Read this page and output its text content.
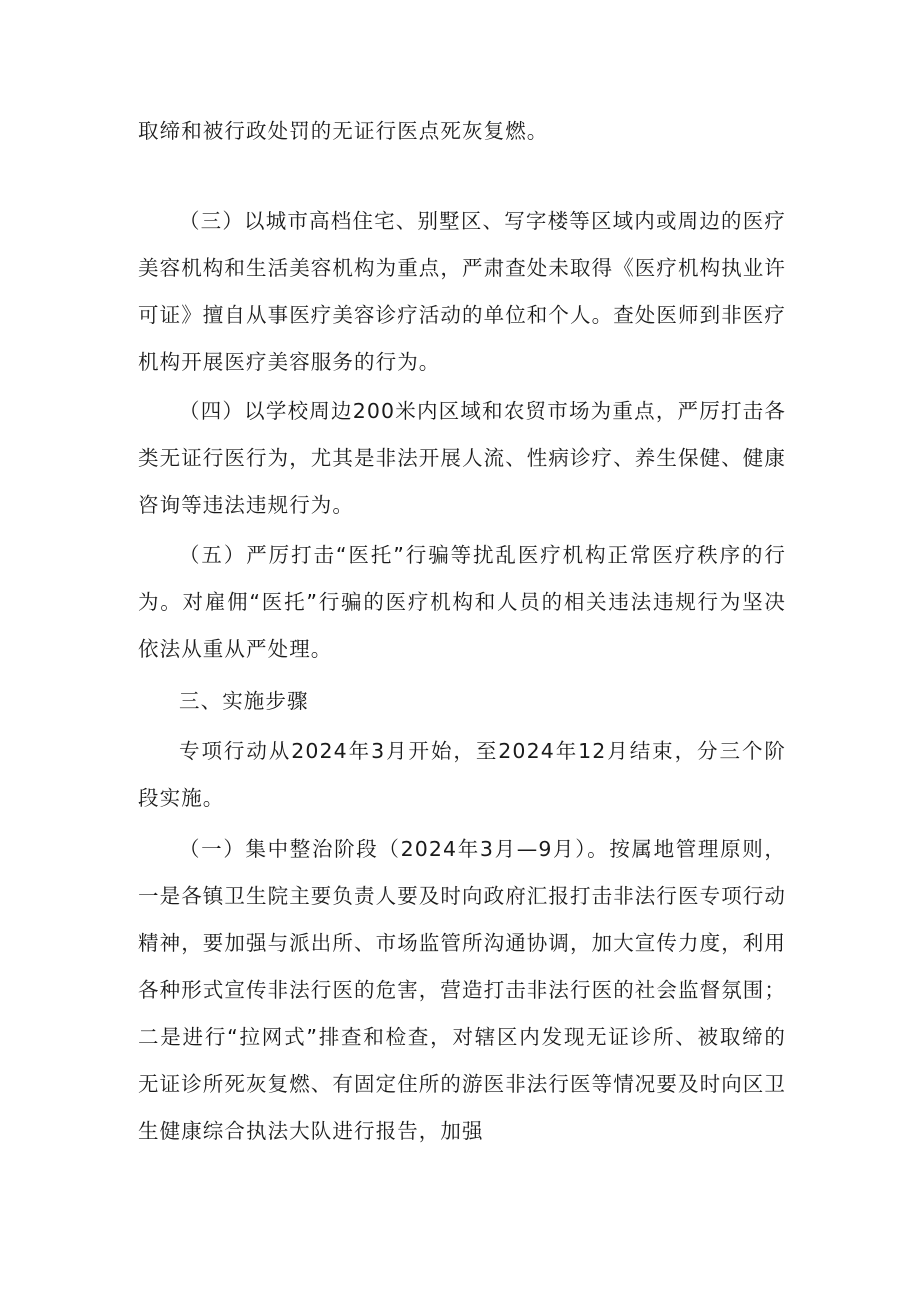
取缔和被行政处罚的无证行医点死灰复燃。

（三）以城市高档住宅、别墅区、写字楼等区域内或周边的医疗美容机构和生活美容机构为重点，严肃查处未取得《医疗机构执业许可证》擅自从事医疗美容诊疗活动的单位和个人。查处医师到非医疗机构开展医疗美容服务的行为。

（四）以学校周边200米内区域和农贸市场为重点，严厉打击各类无证行医行为，尤其是非法开展人流、性病诊疗、养生保健、健康咨询等违法违规行为。

（五）严厉打击“医托”行骗等扰乱医疗机构正常医疗秩序的行为。对雇佣“医托”行骗的医疗机构和人员的相关违法违规行为坚决依法从重从严处理。

三、实施步骤

专项行动从2024年3月开始，至2024年12月结束，分三个阶段实施。

（一）集中整治阶段（2024年3月—9月）。按属地管理原则，一是各镇卫生院主要负责人要及时向政府汇报打击非法行医专项行动精神，要加强与派出所、市场监管所沟通协调，加大宣传力度，利用各种形式宣传非法行医的危害，营造打击非法行医的社会监督氛围；二是进行“拉网式”排查和检查，对辖区内发现无证诊所、被取缔的无证诊所死灰复燃、有固定住所的游医非法行医等情况要及时向区卫生健康综合执法大队进行报告，加强
